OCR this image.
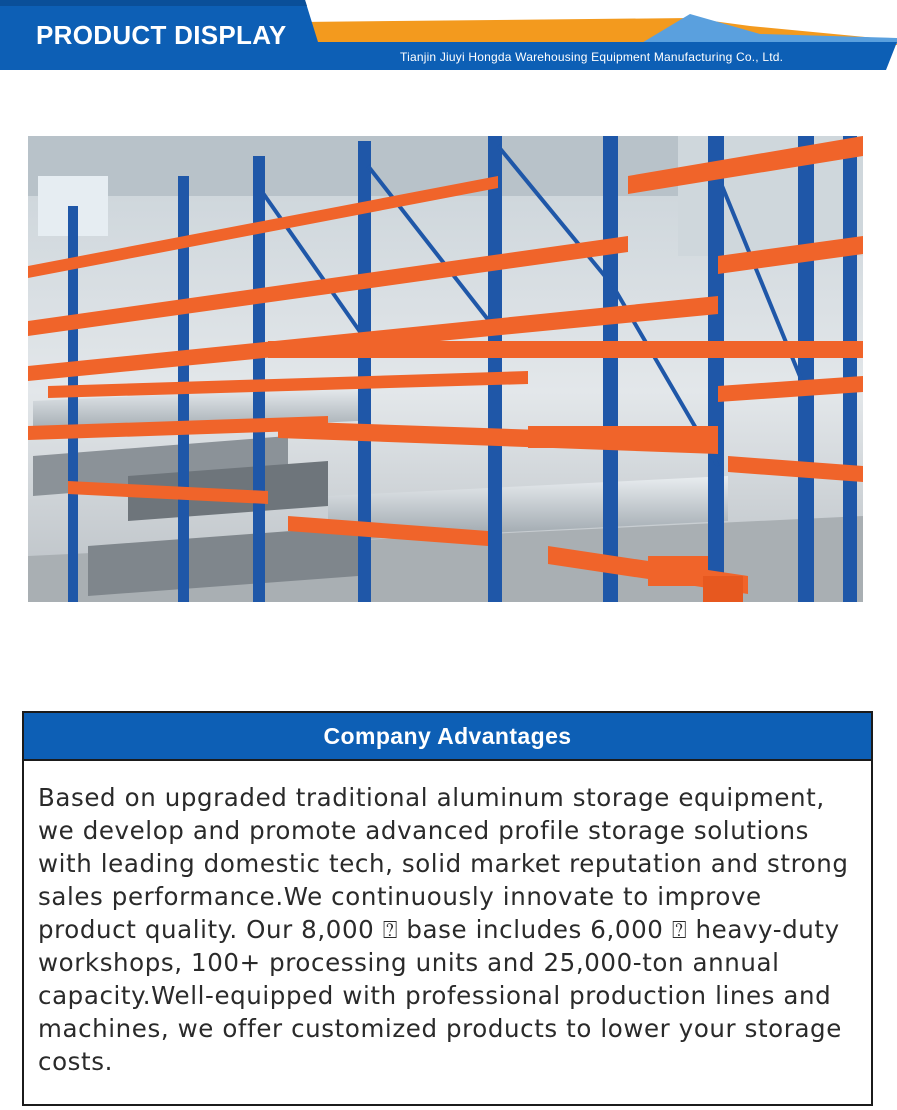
PRODUCT DISPLAY
Tianjin Jiuyi Hongda Warehousing Equipment Manufacturing Co., Ltd.
Company Advantages

Based on upgraded traditional aluminum storage equipment, we develop and promote advanced profile storage solutions with leading domestic tech, solid market reputation and strong sales performance.We continuously innovate to improve product quality. Our 8,000 ⍰ base includes 6,000 ⍰ heavy-duty workshops, 100+ processing units and 25,000-ton annual capacity.Well-equipped with professional production lines and machines, we offer customized products to lower your storage costs.
